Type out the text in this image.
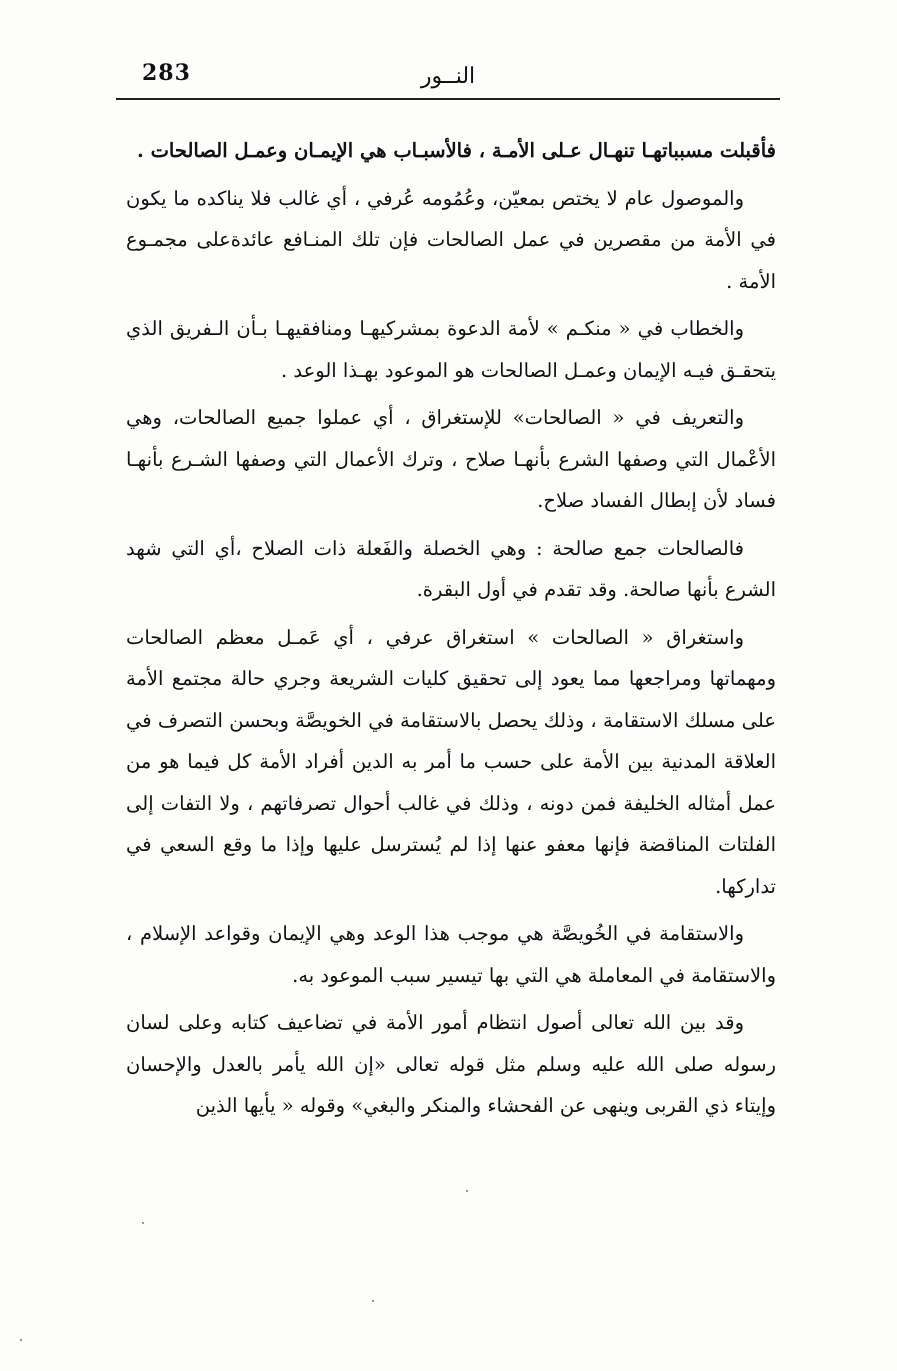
283	النــور

فأقبلت مسبباتهـا تنهـال عـلى الأمـة ، فالأسبـاب هي الإيمـان وعمـل الصالحات .

والموصول عام لا يختص بمعيّن، وعُمُومه عُرفي ، أي غالب فلا يناكده ما يكون في الأمة من مقصرين في عمل الصالحات فإن تلك المنـافع عائدةعلى مجمـوع الأمة .

والخطاب في « منكـم » لأمة الدعوة بمشركيهـا ومنافقيهـا بـأن الـفريق الذي يتحقـق فيـه الإيمان وعمـل الصالحات هو الموعود بهـذا الوعد .

والتعريف في « الصالحات» للإستغراق ، أي عملوا جميع الصالحات، وهي الأعْمال التي وصفها الشرع بأنهـا صلاح ، وترك الأعمال التي وصفها الشـرع بأنهـا فساد لأن إبطال الفساد صلاح.

فالصالحات جمع صالحة : وهي الخصلة والفَعلة ذات الصلاح ،أي التي شهد الشرع بأنها صالحة. وقد تقدم في أول البقرة.

واستغراق « الصالحات » استغراق عرفي ، أي عَمـل معظم الصالحات ومهماتها ومراجعها مما يعود إلى تحقيق كليات الشريعة وجري حالة مجتمع الأمة على مسلك الاستقامة ، وذلك يحصل بالاستقامة في الخويصَّة وبحسن التصرف في العلاقة المدنية بين الأمة على حسب ما أمر به الدين أفراد الأمة كل فيما هو من عمل أمثاله الخليفة فمن دونه ، وذلك في غالب أحوال تصرفاتهم ، ولا التفات إلى الفلتات المناقضة فإنها معفو عنها إذا لم يُسترسل عليها وإذا ما وقع السعي في تداركها.

والاستقامة في الخُويصَّة هي موجب هذا الوعد وهي الإيمان وقواعد الإسلام ، والاستقامة في المعاملة هي التي بها تيسير سبب الموعود به.

وقد بين الله تعالى أصول انتظام أمور الأمة في تضاعيف كتابه وعلى لسان رسوله صلى الله عليه وسلم مثل قوله تعالى «إن الله يأمر بالعدل والإحسان وإيتاء ذي القربى وينهى عن الفحشاء والمنكر والبغي» وقوله « يأيها الذين
